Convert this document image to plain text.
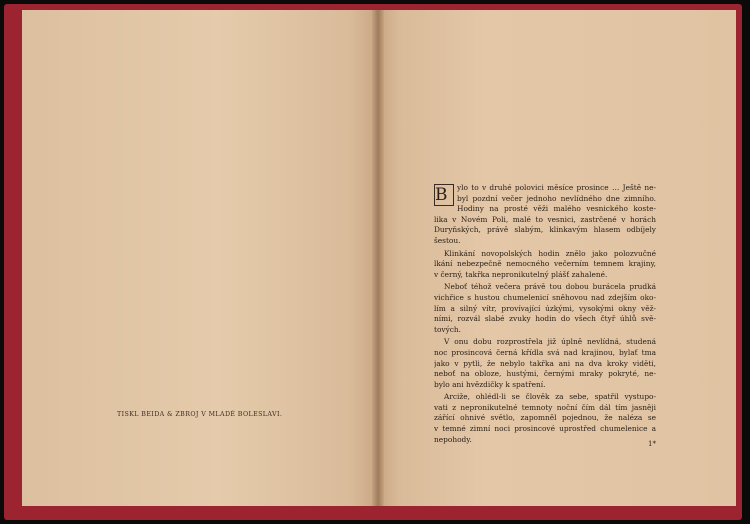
TISKL BEIDA & ZBROJ V MLADÉ BOLESLAVI.
B	ylo to v druhé polovici měsíce prosince … Ještě ne-
byl pozdní večer jednoho nevlídného dne zimního.
Hodiny na prosté věži malého vesnického koste-
lika v Novém Poli, malé to vesnici, zastrčené v horách
Duryňských, právě slabým, klinkavým hlasem odbíjely
šestou.
Klinkání novopolských hodin znělo jako polozvučné
lkání nebezpečně nemocného večerním temnem krajiny,
v černý, takřka nepronikutelný plášť zahalené.
Neboť téhož večera právě tou dobou burácela prudká
vichřice s hustou chumelenicí sněhovou nad zdejším oko-
lím a silný vítr, provívající úzkými, vysokými okny věž-
ními, rozvál slabé zvuky hodin do všech čtyř úhlů svě-
tových.
V onu dobu rozprostřela již úplně nevlídná, studená
noc prosincová černá křídla svá nad krajinou, bylať tma
jako v pytli, že nebylo takřka ani na dva kroky viděti,
neboť na obloze, hustými, černými mraky pokryté, ne-
bylo ani hvězdičky k spatření.
Arciže, ohlédl-li se člověk za sebe, spatřil vystupo-
vati z nepronikutelné temnoty noční čím dál tím jasněji
zářící ohnivé světlo, zapomněl pojednou, že naléza se
v temné zimní noci prosincové uprostřed chumelenice a
nepohody.
1*
